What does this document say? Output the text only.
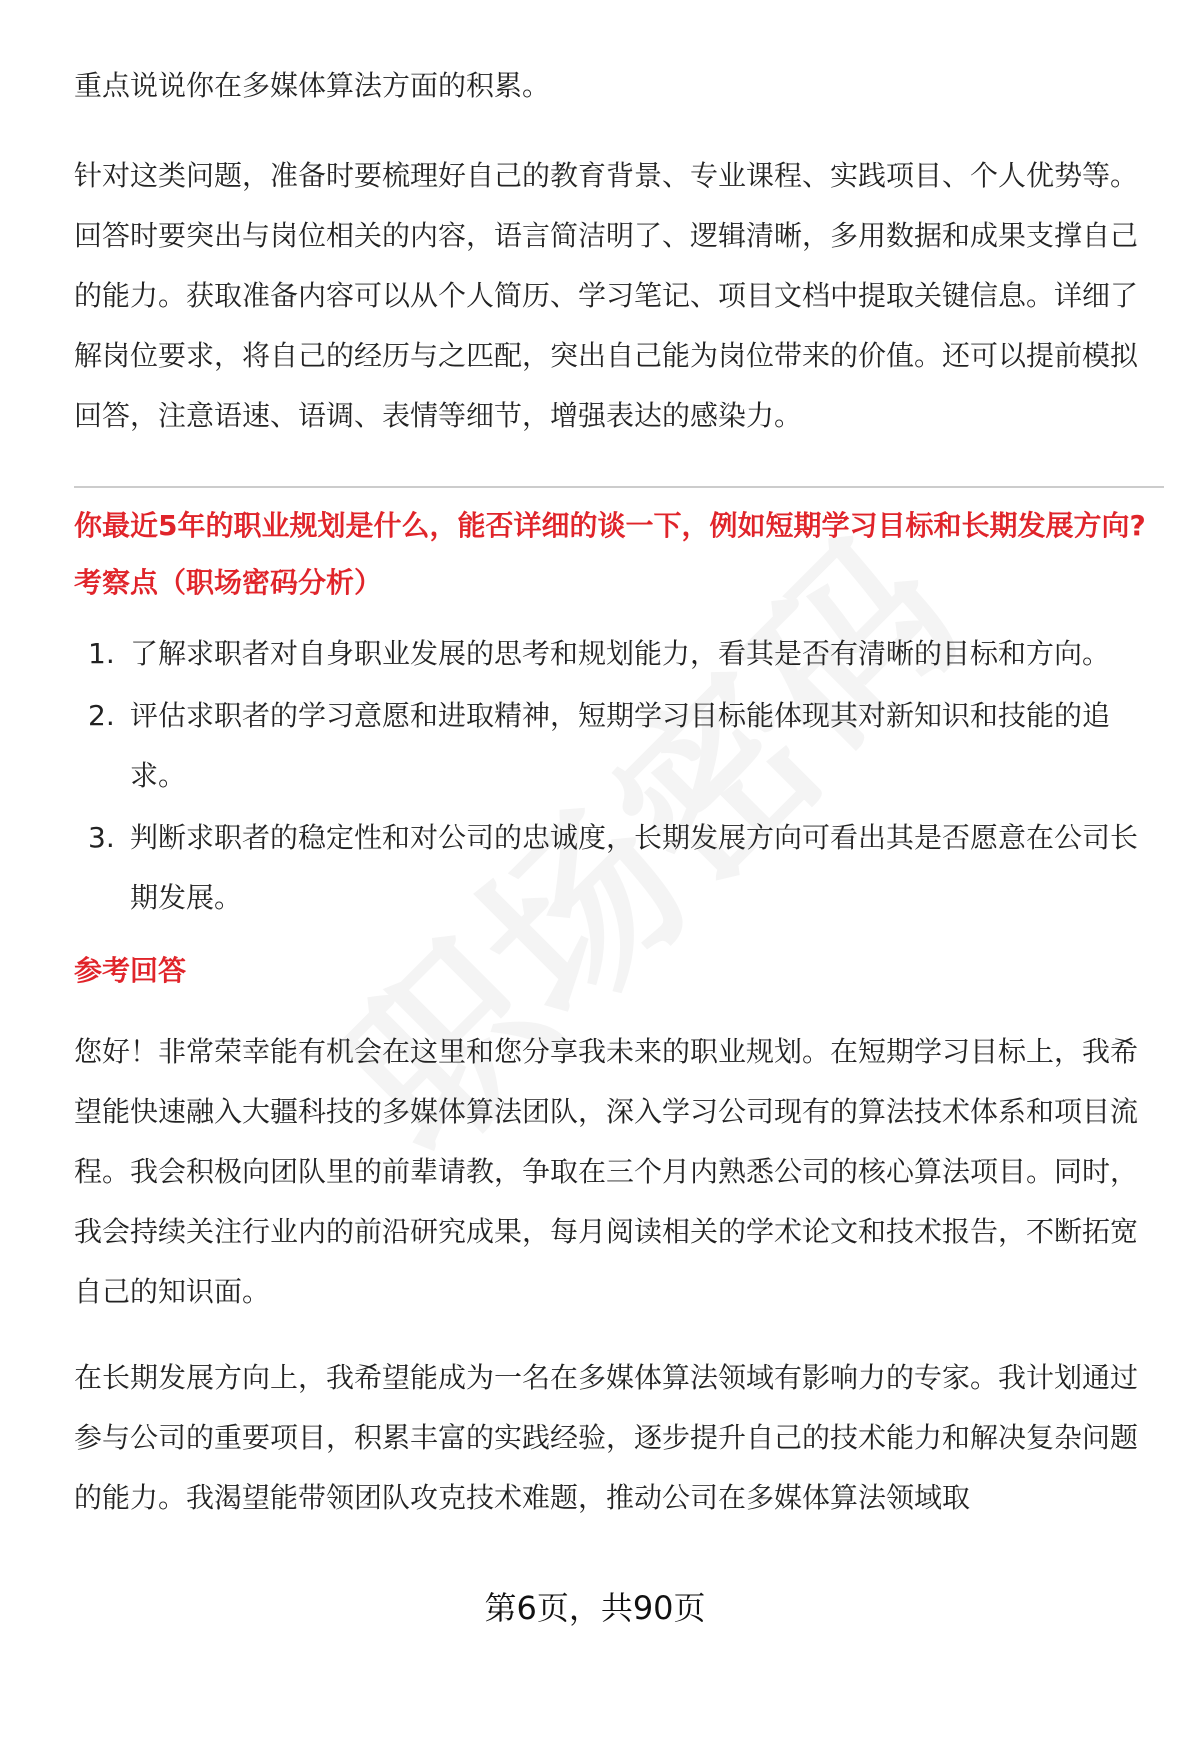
重点说说你在多媒体算法方面的积累。

针对这类问题，准备时要梳理好自己的教育背景、专业课程、实践项目、个人优势等。回答时要突出与岗位相关的内容，语言简洁明了、逻辑清晰，多用数据和成果支撑自己的能力。获取准备内容可以从个人简历、学习笔记、项目文档中提取关键信息。详细了解岗位要求，将自己的经历与之匹配，突出自己能为岗位带来的价值。还可以提前模拟回答，注意语速、语调、表情等细节，增强表达的感染力。

你最近5年的职业规划是什么，能否详细的谈一下，例如短期学习目标和长期发展方向?
考察点（职场密码分析）
1. 了解求职者对自身职业发展的思考和规划能力，看其是否有清晰的目标和方向。
2. 评估求职者的学习意愿和进取精神，短期学习目标能体现其对新知识和技能的追求。
3. 判断求职者的稳定性和对公司的忠诚度，长期发展方向可看出其是否愿意在公司长期发展。
参考回答

您好！非常荣幸能有机会在这里和您分享我未来的职业规划。在短期学习目标上，我希望能快速融入大疆科技的多媒体算法团队，深入学习公司现有的算法技术体系和项目流程。我会积极向团队里的前辈请教，争取在三个月内熟悉公司的核心算法项目。同时，我会持续关注行业内的前沿研究成果，每月阅读相关的学术论文和技术报告，不断拓宽自己的知识面。

在长期发展方向上，我希望能成为一名在多媒体算法领域有影响力的专家。我计划通过参与公司的重要项目，积累丰富的实践经验，逐步提升自己的技术能力和解决复杂问题的能力。我渴望能带领团队攻克技术难题，推动公司在多媒体算法领域取

第6页，共90页
